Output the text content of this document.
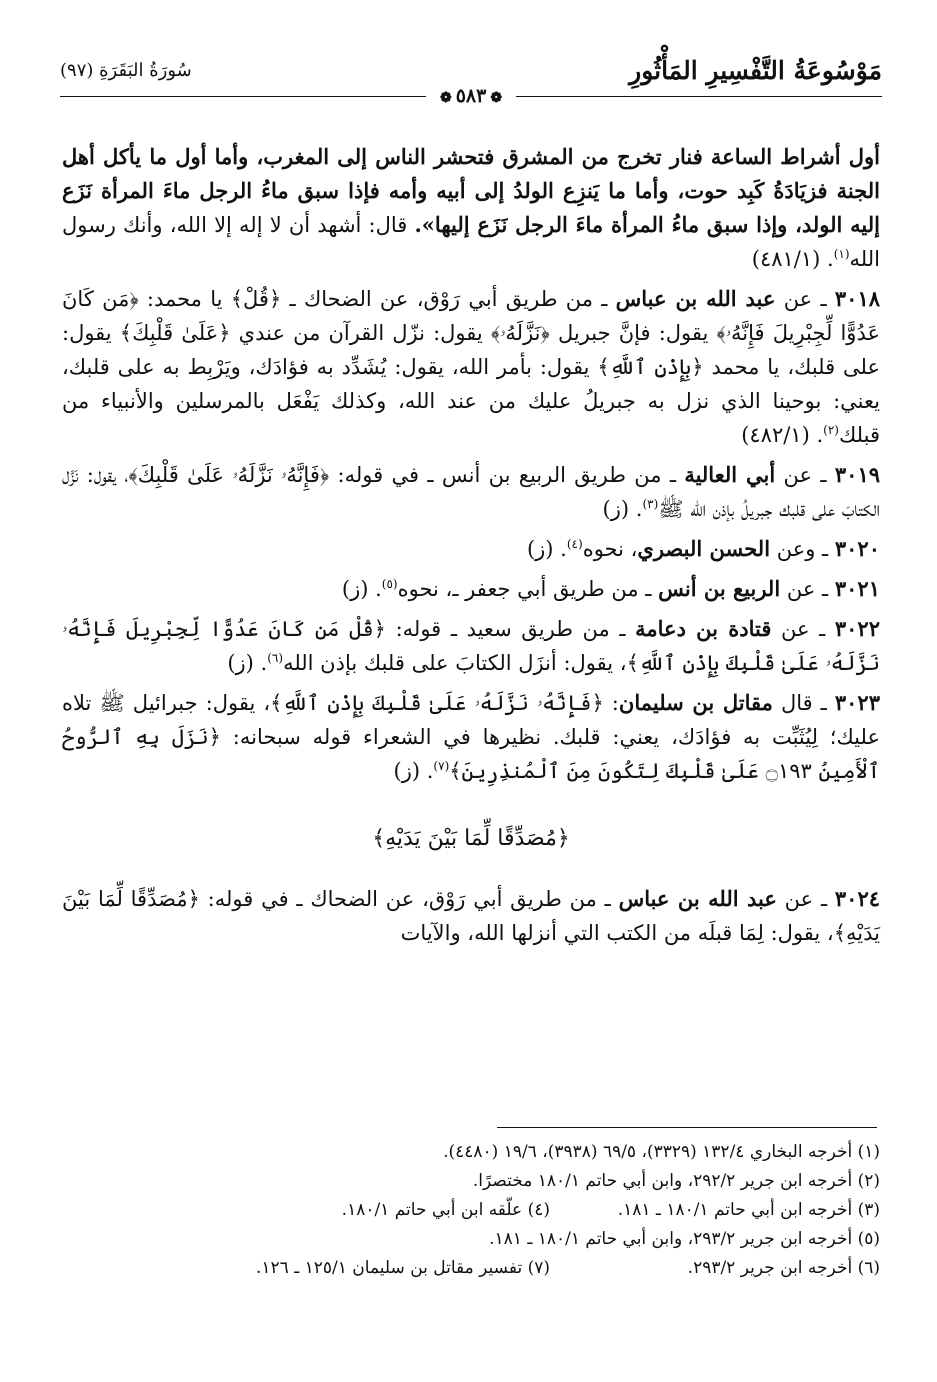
مَوْسُوعَةُ التَّفْسِيرِ المَأْثُورِ
سُورَةُ البَقَرَةِ (٩٧)
❁٥٨٣❁

أول أشراط الساعة فنار تخرج من المشرق فتحشر الناس إلى المغرب، وأما أول ما يأكل أهل الجنة فزيَادَةُ كَبِد حوت، وأما ما يَنزِع الولدُ إلى أبيه وأمه فإذا سبق ماءُ الرجل ماءَ المرأة نَزَع إليه الولد، وإذا سبق ماءُ المرأة ماءَ الرجل نَزَع إليها». قال: أشهد أن لا إله إلا الله، وأنك رسول الله$^{(١)}$. (٤٨١/١)

٣٠١٨ ـ عن عبد الله بن عباس ـ من طريق أبي رَوْق، عن الضحاك ـ ﴿قُلْ﴾ يا محمد: ﴿مَن كَانَ عَدُوًّا لِّجِبْرِيلَ فَإِنَّهُۥ﴾ يقول: فإنَّ جبريل ﴿نَزَّلَهُۥ﴾ يقول: نزّل القرآن من عندي ﴿عَلَىٰ قَلْبِكَ﴾ يقول: على قلبك، يا محمد ﴿بِإِذْنِ ٱللَّهِ﴾ يقول: بأمر الله، يقول: يُشَدِّد به فؤادَك، ويَرْبِط به على قلبك، يعني: بوحينا الذي نزل به جبريلُ عليك من عند الله، وكذلك يَفْعَل بالمرسلين والأنبياء من قبلك$^{(٢)}$. (٤٨٢/١)

٣٠١٩ ـ عن أبي العالية ـ من طريق الربيع بن أنس ـ في قوله: ﴿فَإِنَّهُۥ نَزَّلَهُۥ عَلَىٰ قَلْبِكَ﴾، يقول: نَزَّل الكتابَ على قلبك جبريلُ بإذن الله ﷺ$^{(٣)}$. (ز)

٣٠٢٠ ـ وعن الحسن البصري، نحوه$^{(٤)}$. (ز)

٣٠٢١ ـ عن الربيع بن أنس ـ من طريق أبي جعفر ـ، نحوه$^{(٥)}$. (ز)

٣٠٢٢ ـ عن قتادة بن دعامة ـ من طريق سعيد ـ قوله: ﴿قُلْ مَن كَانَ عَدُوًّا لِّجِبْرِيلَ فَإِنَّهُۥ نَزَّلَهُۥ عَلَىٰ قَلْبِكَ بِإِذْنِ ٱللَّهِ﴾، يقول: أنزَل الكتابَ على قلبك بإذن الله$^{(٦)}$. (ز)

٣٠٢٣ ـ قال مقاتل بن سليمان: ﴿فَإِنَّهُۥ نَزَّلَهُۥ عَلَىٰ قَلْبِكَ بِإِذْنِ ٱللَّهِ﴾، يقول: جبرائيل ﷺ تلاه عليك؛ لِيُثَبِّت به فؤادَك، يعني: قلبك. نظيرها في الشعراء قوله سبحانه: ﴿نَزَلَ بِهِ ٱلرُّوحُ ٱلْأَمِينُ ۝١٩٣ عَلَىٰ قَلْبِكَ لِتَكُونَ مِنَ ٱلْمُنذِرِينَ﴾$^{(٧)}$. (ز)

﴿مُصَدِّقًا لِّمَا بَيْنَ يَدَيْهِ﴾

٣٠٢٤ ـ عن عبد الله بن عباس ـ من طريق أبي رَوْق، عن الضحاك ـ في قوله: ﴿مُصَدِّقًا لِّمَا بَيْنَ يَدَيْهِ﴾، يقول: لِمَا قبلَه من الكتب التي أنزلها الله، والآيات

(١) أخرجه البخاري ١٣٢/٤ (٣٣٢٩)، ٦٩/٥ (٣٩٣٨)، ١٩/٦ (٤٤٨٠).
(٢) أخرجه ابن جرير ٢٩٢/٢، وابن أبي حاتم ١٨٠/١ مختصرًا.
(٣) أخرجه ابن أبي حاتم ١٨٠/١ ـ ١٨١.
(٤) علّقه ابن أبي حاتم ١٨٠/١.
(٥) أخرجه ابن جرير ٢٩٣/٢، وابن أبي حاتم ١٨٠/١ ـ ١٨١.
(٦) أخرجه ابن جرير ٢٩٣/٢.
(٧) تفسير مقاتل بن سليمان ١٢٥/١ ـ ١٢٦.
